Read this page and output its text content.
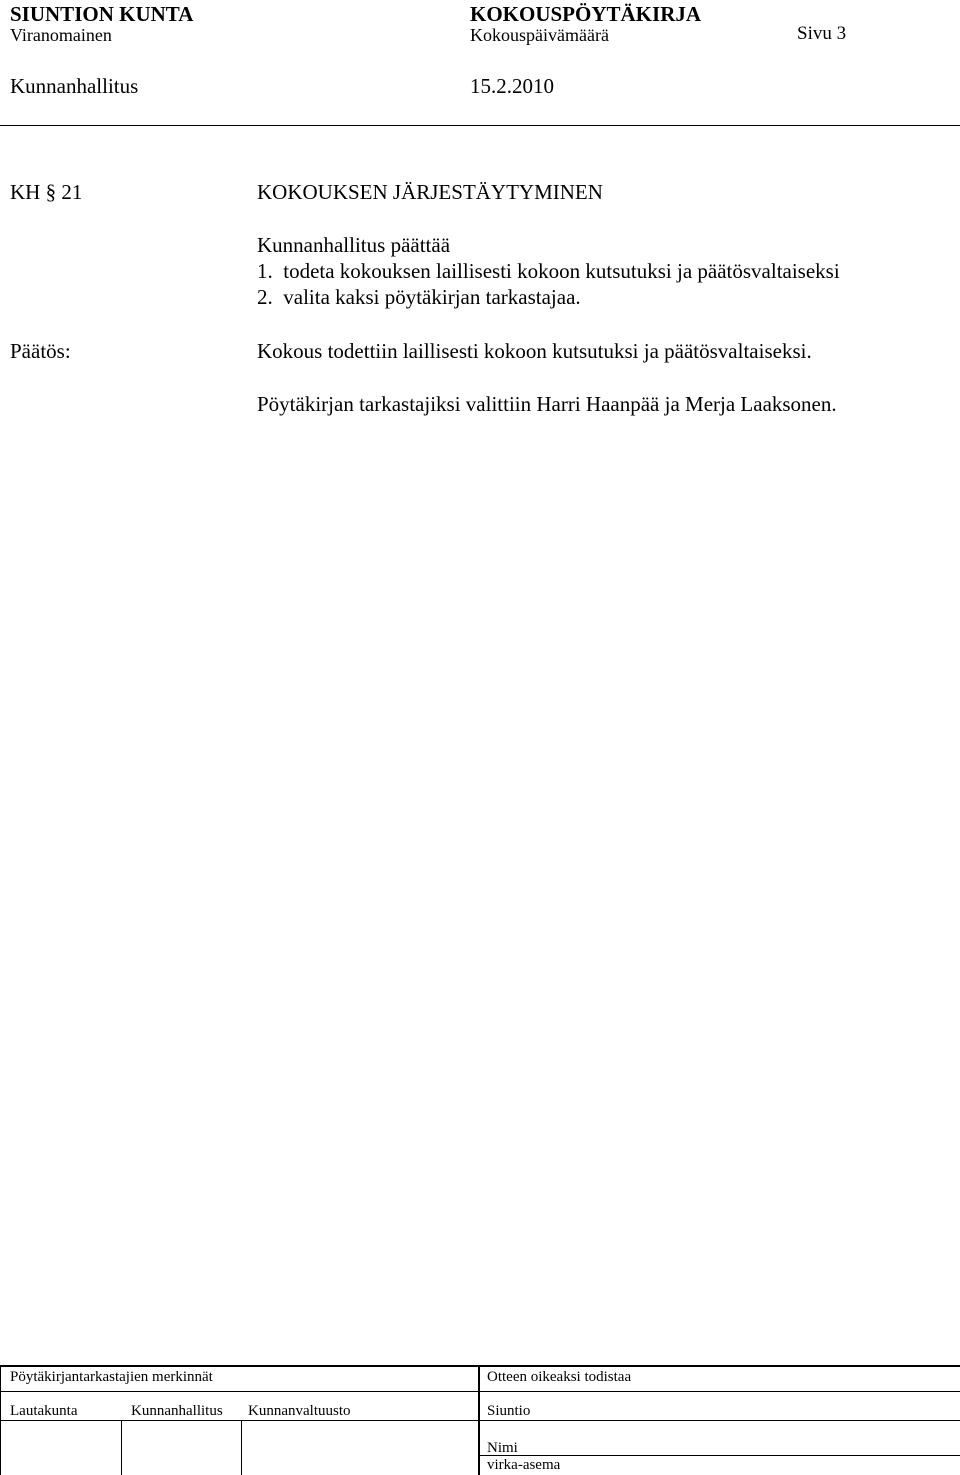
SIUNTION KUNTA	KOKOUSPÖYTÄKIRJA
Viranomainen	Kokouspäivämäärä	Sivu 3
Kunnanhallitus	15.2.2010
KH § 21	KOKOUKSEN JÄRJESTÄYTYMINEN
Kunnanhallitus päättää
1.  todeta kokouksen laillisesti kokoon kutsutuksi ja päätösvaltaiseksi
2.  valita kaksi pöytäkirjan tarkastajaa.
Päätös:	Kokous todettiin laillisesti kokoon kutsutuksi ja päätösvaltaiseksi.
Pöytäkirjan tarkastajiksi valittiin Harri Haanpää ja Merja Laaksonen.
Pöytäkirjantarkastajien merkinnät	Otteen oikeaksi todistaa
Lautakunta	Kunnanhallitus Kunnanvaltuusto	Siuntio
Nimi
virka-asema
